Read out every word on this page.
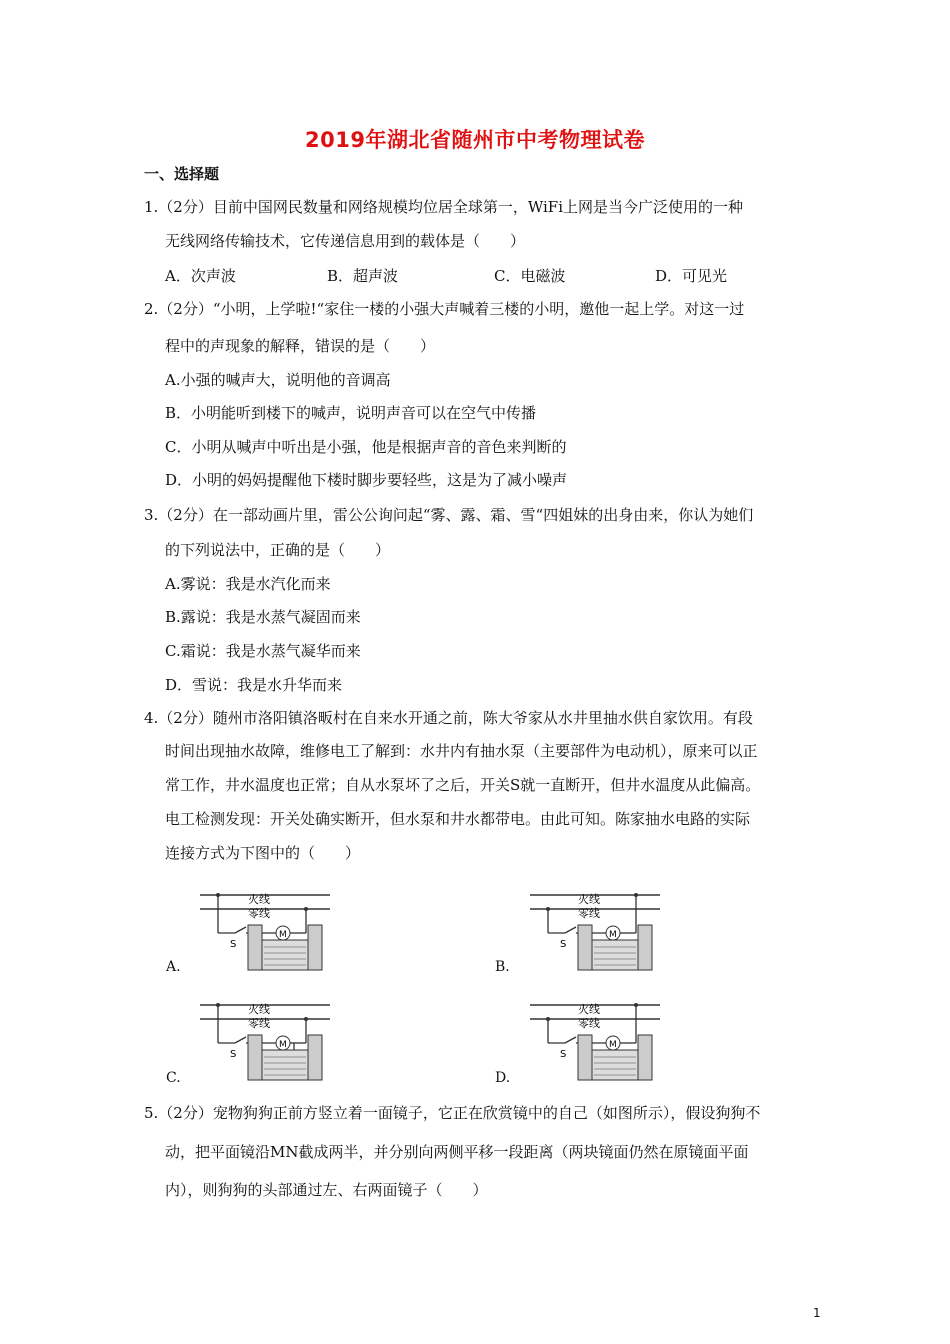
2019年湖北省随州市中考物理试卷
一、选择题
1.（2分）目前中国网民数量和网络规模均位居全球第一，WiFi上网是当今广泛使用的一种
无线网络传输技术，它传递信息用到的载体是（　　）
A．次声波	B．超声波	C．电磁波	D．可见光
2.（2分）“小明，上学啦!“家住一楼的小强大声喊着三楼的小明，邀他一起上学。对这一过
程中的声现象的解释，错误的是（　　）
A.小强的喊声大，说明他的音调高
B．小明能听到楼下的喊声，说明声音可以在空气中传播
C．小明从喊声中听出是小强，他是根据声音的音色来判断的
D．小明的妈妈提醒他下楼时脚步要轻些，这是为了减小噪声
3.（2分）在一部动画片里，雷公公询问起“雾、露、霜、雪“四姐妹的出身由来，你认为她们
的下列说法中，正确的是（　　）
A.雾说：我是水汽化而来
B.露说：我是水蒸气凝固而来
C.霜说：我是水蒸气凝华而来
D．雪说：我是水升华而来
4.（2分）随州市洛阳镇洛畈村在自来水开通之前，陈大爷家从水井里抽水供自家饮用。有段
时间出现抽水故障，维修电工了解到：水井内有抽水泵（主要部件为电动机），原来可以正
常工作，井水温度也正常；自从水泵坏了之后，开关S就一直断开，但井水温度从此偏高。
电工检测发现：开关处确实断开，但水泵和井水都带电。由此可知。陈家抽水电路的实际
连接方式为下图中的（　　）
A.
火线
零线
S
M
B.
火线
零线
S
M
C.
火线
零线
S
M
D.
火线
零线
S
M
5.（2分）宠物狗狗正前方竖立着一面镜子，它正在欣赏镜中的自己（如图所示），假设狗狗不
动，把平面镜沿MN截成两半，并分别向两侧平移一段距离（两块镜面仍然在原镜面平面
内），则狗狗的头部通过左、右两面镜子（　　）
1
